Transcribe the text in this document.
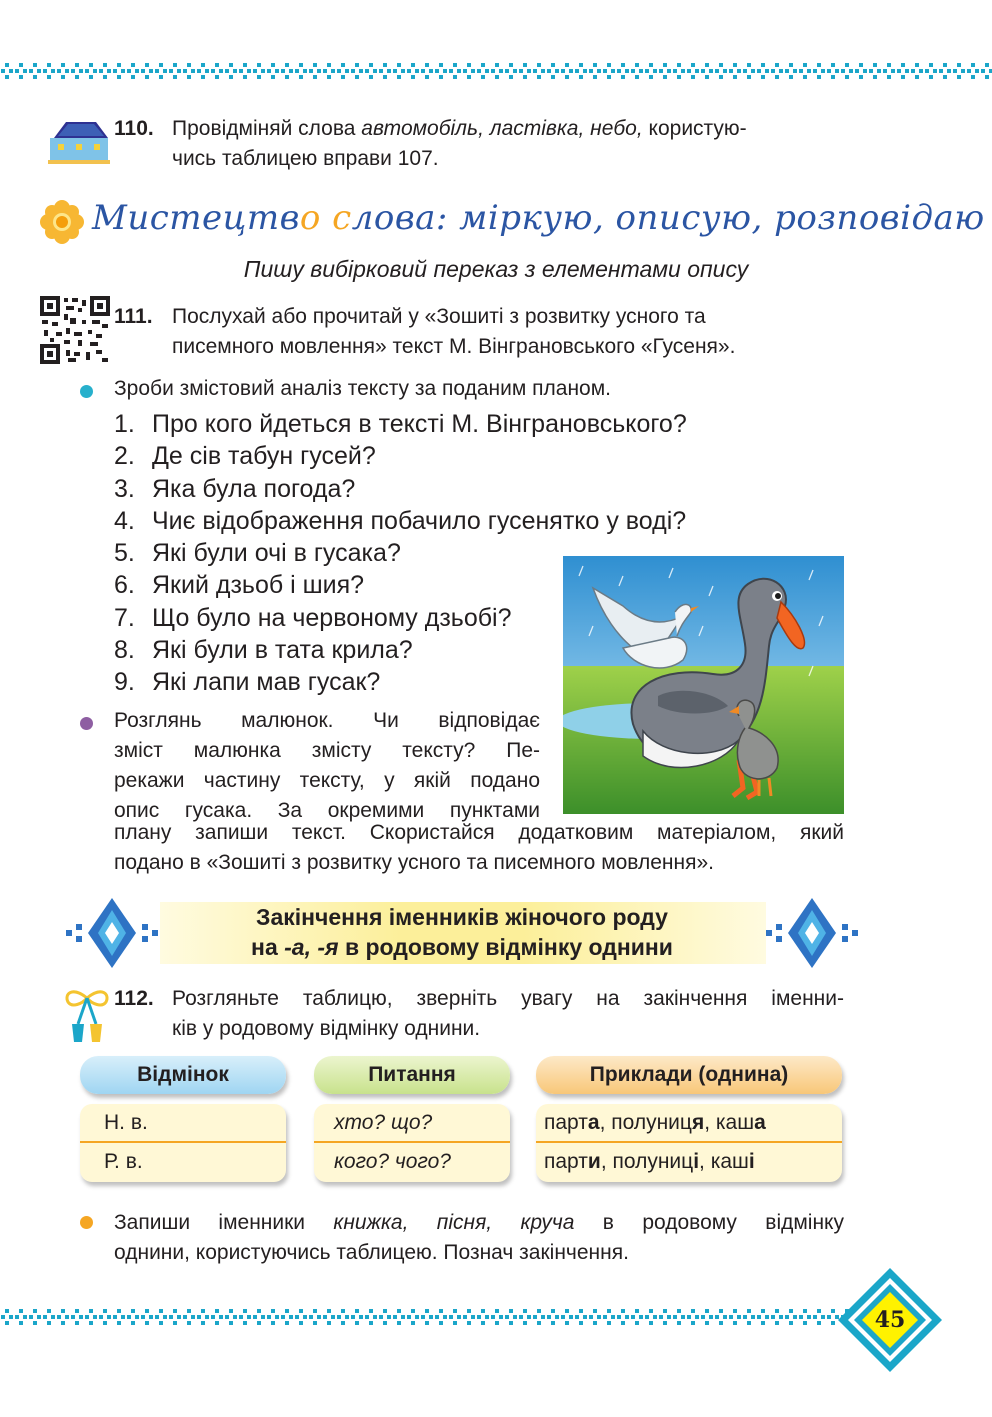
110. Провідміняй слова автомобіль, ластівка, небо, користую-
чись таблицею вправи 107.
Мистецтво слова: міркую, описую, розповідаю
Пишу вибірковий переказ з елементами опису
111. Послухай або прочитай у «Зошиті з розвитку усного та
писемного мовлення» текст М. Вінграновського «Гусеня».
Зроби змістовий аналіз тексту за поданим планом.
1. Про кого йдеться в тексті М. Вінграновського?
2. Де сів табун гусей?
3. Яка була погода?
4. Чиє відображення побачило гусенятко у воді?
5. Які були очі в гусака?
6. Який дзьоб і шия?
7. Що було на червоному дзьобі?
8. Які були в тата крила?
9. Які лапи мав гусак?
Розглянь малюнок. Чи відповідає
зміст малюнка змісту тексту? Пе-
рекажи частину тексту, у якій подано
опис гусака. За окремими пунктами
плану запиши текст. Скористайся додатковим матеріалом, який
подано в «Зошиті з розвитку усного та писемного мовлення».
Закінчення іменників жіночого роду
на -а, -я в родовому відмінку однини
112. Розгляньте таблицю, зверніть увагу на закінчення іменни-
ків у родовому відмінку однини.
Відмінок	Питання	Приклади (однина)
Н. в.
Р. в.
хто? що?
кого? чого?
парта, полуниця, каша
парти, полуниці, каші
Запиши іменники книжка, пісня, круча в родовому відмінку
однини, користуючись таблицею. Познач закінчення.
45
